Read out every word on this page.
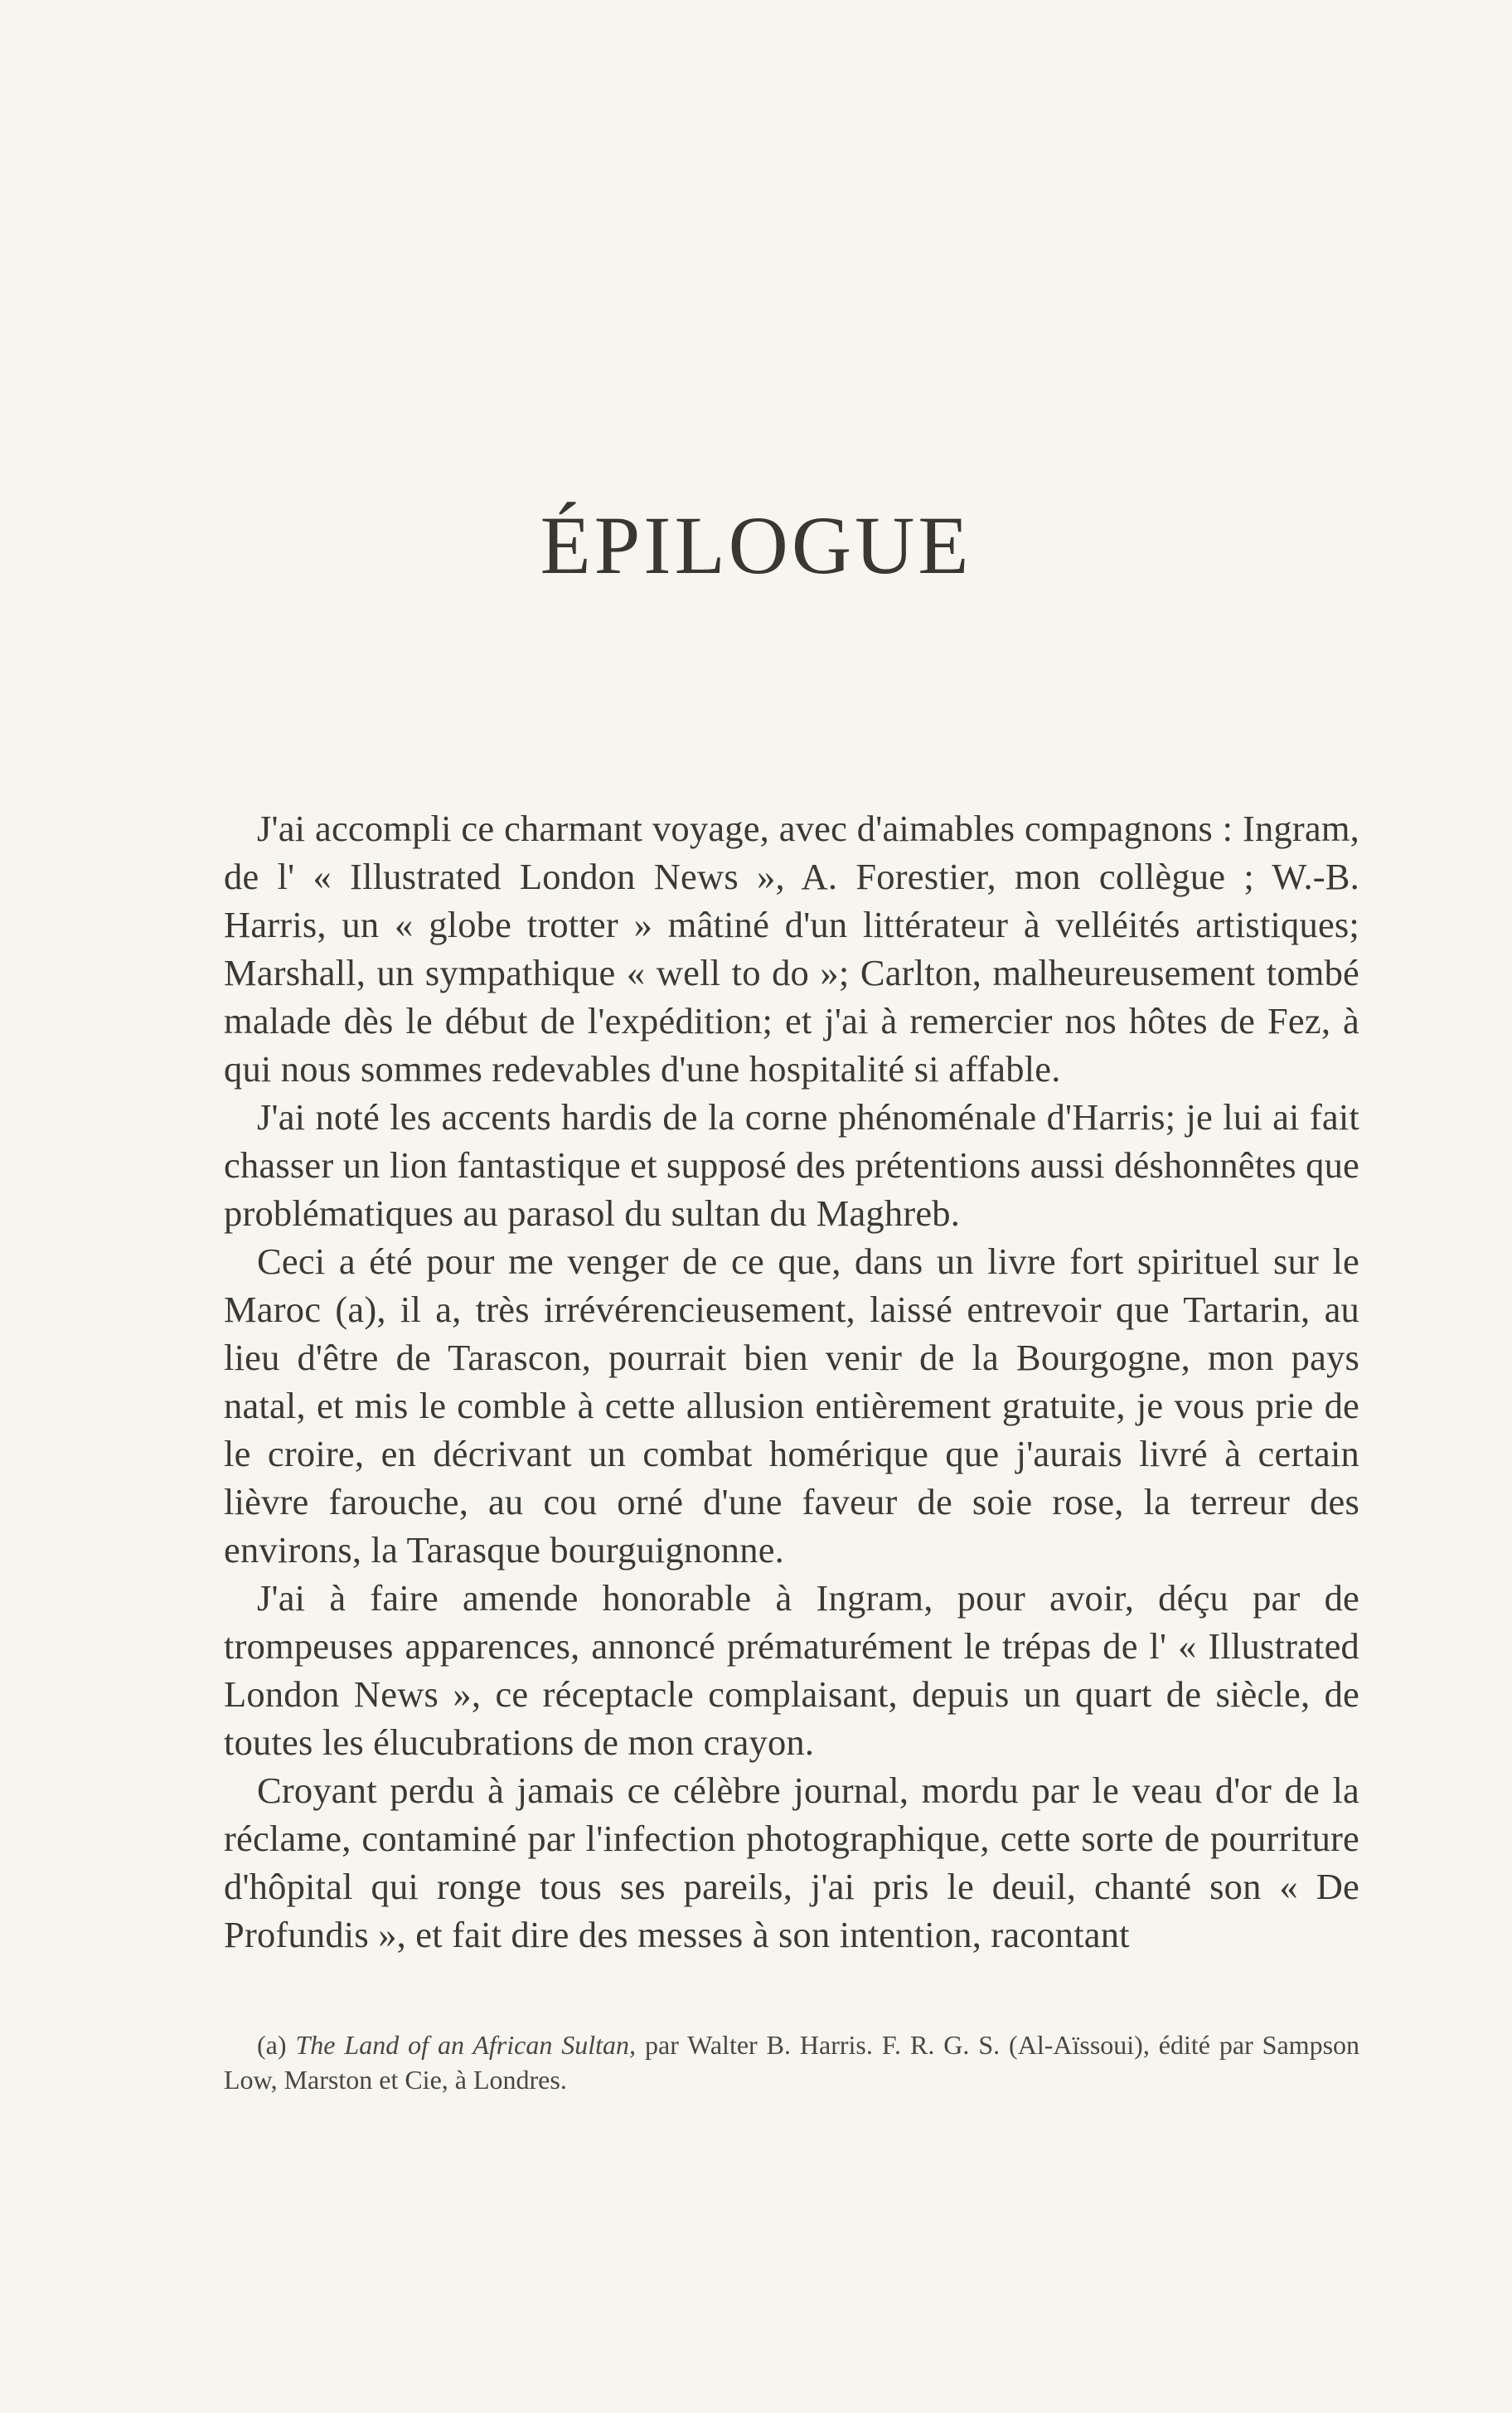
ÉPILOGUE

J'ai accompli ce charmant voyage, avec d'aimables compagnons : Ingram, de l' « Illustrated London News », A. Forestier, mon collègue ; W.-B. Harris, un « globe trotter » mâtiné d'un littérateur à velléités artistiques; Marshall, un sympathique « well to do »; Carlton, malheureusement tombé malade dès le début de l'expédition; et j'ai à remercier nos hôtes de Fez, à qui nous sommes redevables d'une hospitalité si affable.

J'ai noté les accents hardis de la corne phénoménale d'Harris; je lui ai fait chasser un lion fantastique et supposé des prétentions aussi déshonnêtes que problématiques au parasol du sultan du Maghreb.

Ceci a été pour me venger de ce que, dans un livre fort spirituel sur le Maroc (a), il a, très irrévérencieusement, laissé entrevoir que Tartarin, au lieu d'être de Tarascon, pourrait bien venir de la Bourgogne, mon pays natal, et mis le comble à cette allusion entièrement gratuite, je vous prie de le croire, en décrivant un combat homérique que j'aurais livré à certain lièvre farouche, au cou orné d'une faveur de soie rose, la terreur des environs, la Tarasque bourguignonne.

J'ai à faire amende honorable à Ingram, pour avoir, déçu par de trompeuses apparences, annoncé prématurément le trépas de l' « Illustrated London News », ce réceptacle complaisant, depuis un quart de siècle, de toutes les élucubrations de mon crayon.

Croyant perdu à jamais ce célèbre journal, mordu par le veau d'or de la réclame, contaminé par l'infection photographique, cette sorte de pourriture d'hôpital qui ronge tous ses pareils, j'ai pris le deuil, chanté son « De Profundis », et fait dire des messes à son intention, racontant

(a) The Land of an African Sultan, par Walter B. Harris. F. R. G. S. (Al-Aïssoui), édité par Sampson Low, Marston et Cie, à Londres.
